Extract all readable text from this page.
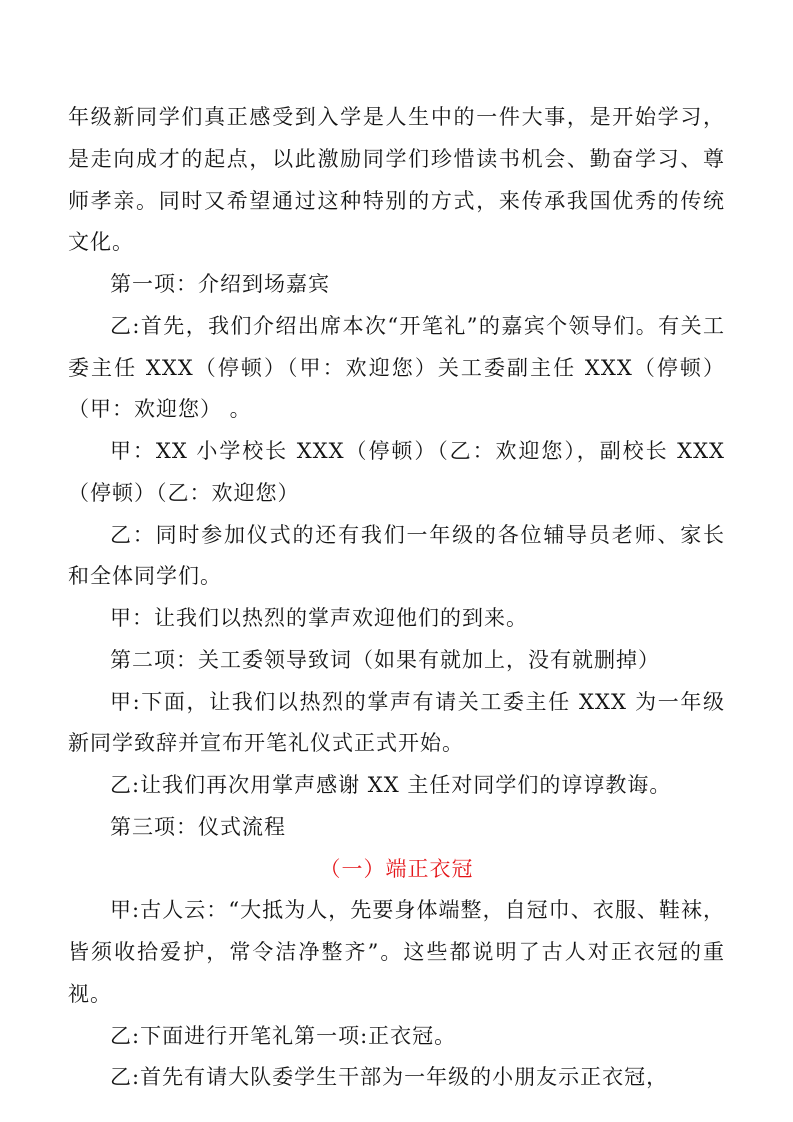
年级新同学们真正感受到入学是人生中的一件大事，是开始学习，是走向成才的起点，以此激励同学们珍惜读书机会、勤奋学习、尊师孝亲。同时又希望通过这种特别的方式，来传承我国优秀的传统文化。

第一项：介绍到场嘉宾

乙:首先，我们介绍出席本次“开笔礼”的嘉宾个领导们。有关工委主任 XXX（停顿）（甲：欢迎您）关工委副主任 XXX（停顿）（甲：欢迎您） 。

甲：XX 小学校长 XXX（停顿）（乙：欢迎您），副校长 XXX（停顿）（乙：欢迎您）

乙：同时参加仪式的还有我们一年级的各位辅导员老师、家长和全体同学们。

甲：让我们以热烈的掌声欢迎他们的到来。

第二项：关工委领导致词（如果有就加上，没有就删掉）

甲:下面，让我们以热烈的掌声有请关工委主任 XXX 为一年级新同学致辞并宣布开笔礼仪式正式开始。

乙:让我们再次用掌声感谢 XX 主任对同学们的谆谆教诲。

第三项：仪式流程

（一）端正衣冠

甲:古人云：“大抵为人，先要身体端整，自冠巾、衣服、鞋袜，皆须收拾爱护，常令洁净整齐”。这些都说明了古人对正衣冠的重视。

乙:下面进行开笔礼第一项:正衣冠。

乙:首先有请大队委学生干部为一年级的小朋友示正衣冠，
